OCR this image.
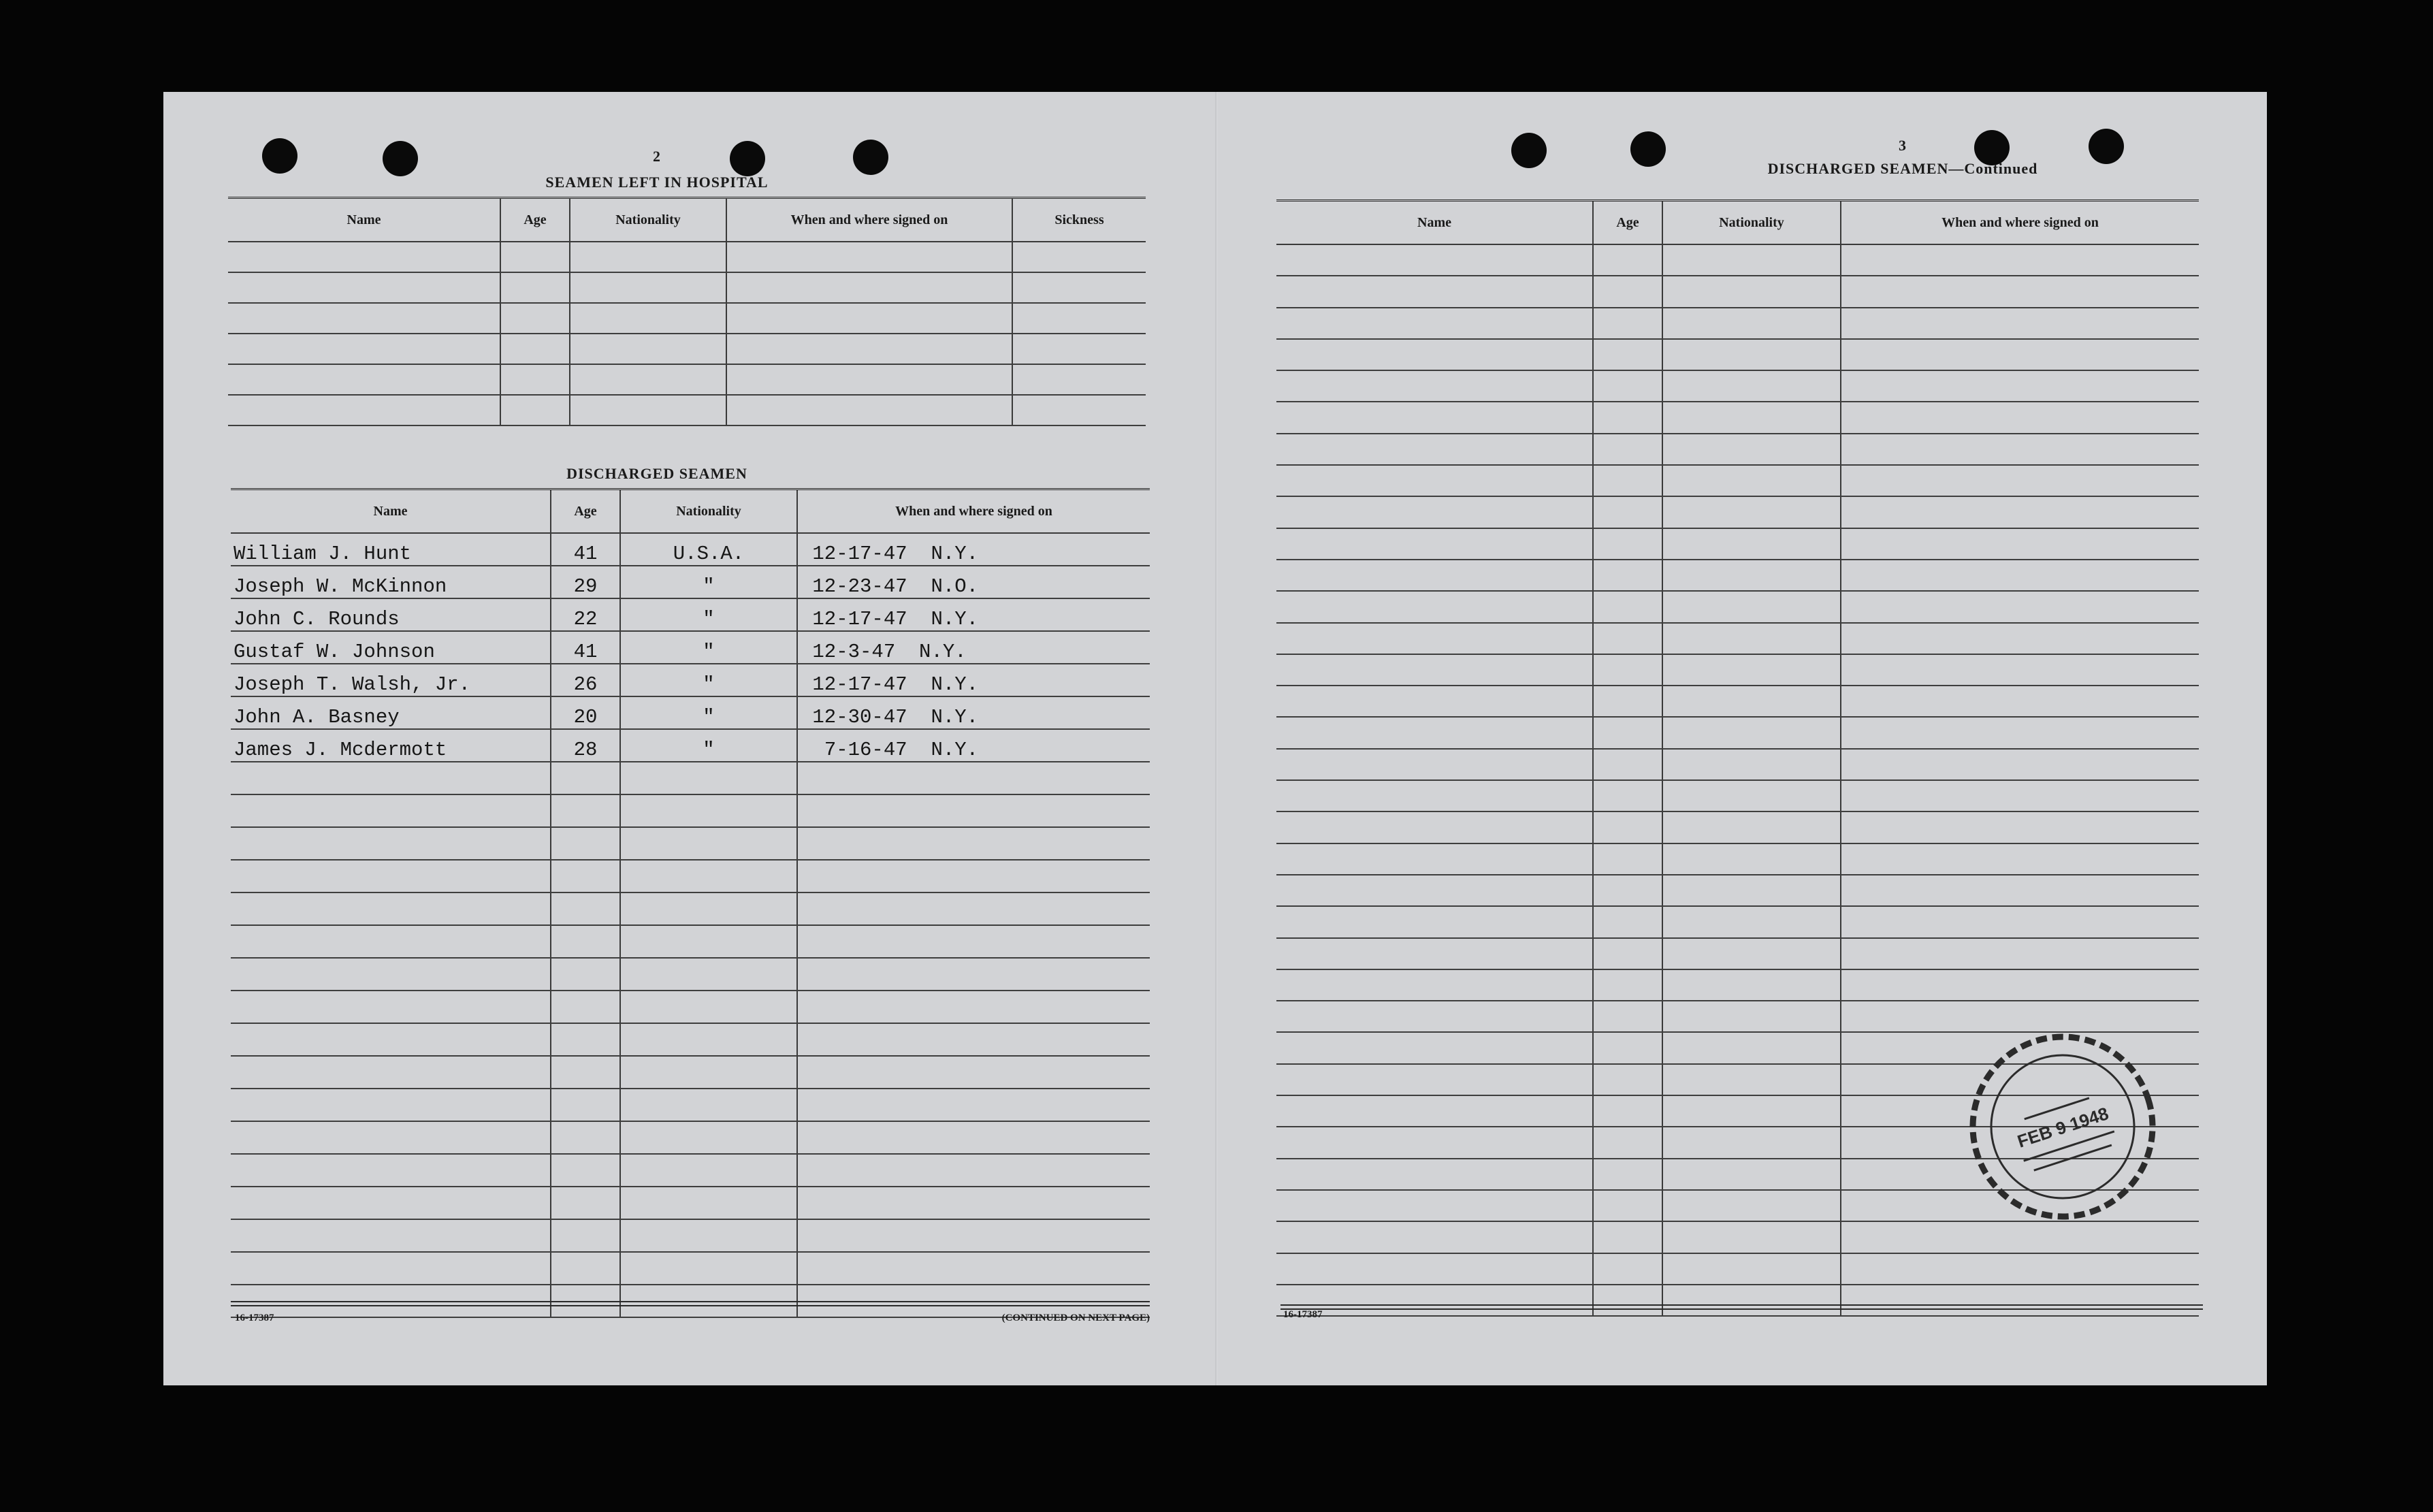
2
SEAMEN LEFT IN HOSPITAL
Name	Age	Nationality	When and where signed on	Sickness

DISCHARGED SEAMEN
Name	Age	Nationality	When and where signed on
William J. Hunt	41	U.S.A.	12-17-47 N.Y.
Joseph W. McKinnon	29	"	12-23-47 N.O.
John C. Rounds	22	"	12-17-47 N.Y.
Gustaf W. Johnson	41	"	12-3-47 N.Y.
Joseph T. Walsh, Jr.	26	"	12-17-47 N.Y.
John A. Basney	20	"	12-30-47 N.Y.
James J. Mcdermott	28	"	7-16-47 N.Y.

16-17387	(CONTINUED ON NEXT PAGE)
3
DISCHARGED SEAMEN—Continued
Name	Age	Nationality	When and where signed on

16-17387
FEB 9 1948
